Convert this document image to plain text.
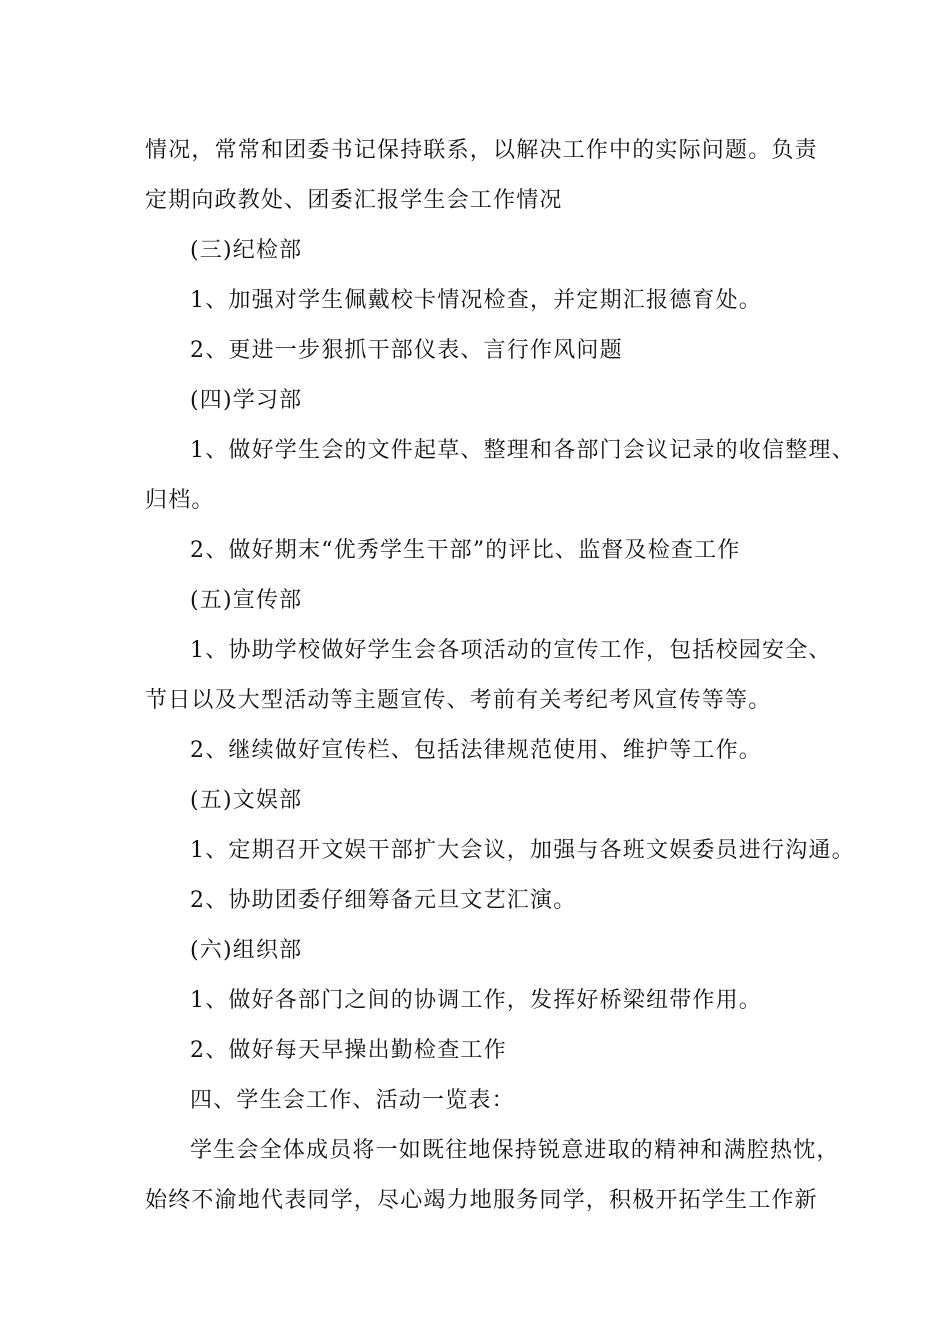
情况，常常和团委书记保持联系，以解决工作中的实际问题。负责
定期向政教处、团委汇报学生会工作情况
(三)纪检部
1、加强对学生佩戴校卡情况检查，并定期汇报德育处。
2、更进一步狠抓干部仪表、言行作风问题
(四)学习部
1、做好学生会的文件起草、整理和各部门会议记录的收信整理、
归档。
2、做好期末“优秀学生干部”的评比、监督及检查工作
(五)宣传部
1、协助学校做好学生会各项活动的宣传工作，包括校园安全、
节日以及大型活动等主题宣传、考前有关考纪考风宣传等等。
2、继续做好宣传栏、包括法律规范使用、维护等工作。
(五)文娱部
1、定期召开文娱干部扩大会议，加强与各班文娱委员进行沟通。
2、协助团委仔细筹备元旦文艺汇演。
(六)组织部
1、做好各部门之间的协调工作，发挥好桥梁纽带作用。
2、做好每天早操出勤检查工作
四、学生会工作、活动一览表：
学生会全体成员将一如既往地保持锐意进取的精神和满腔热忱，
始终不渝地代表同学，尽心竭力地服务同学，积极开拓学生工作新
